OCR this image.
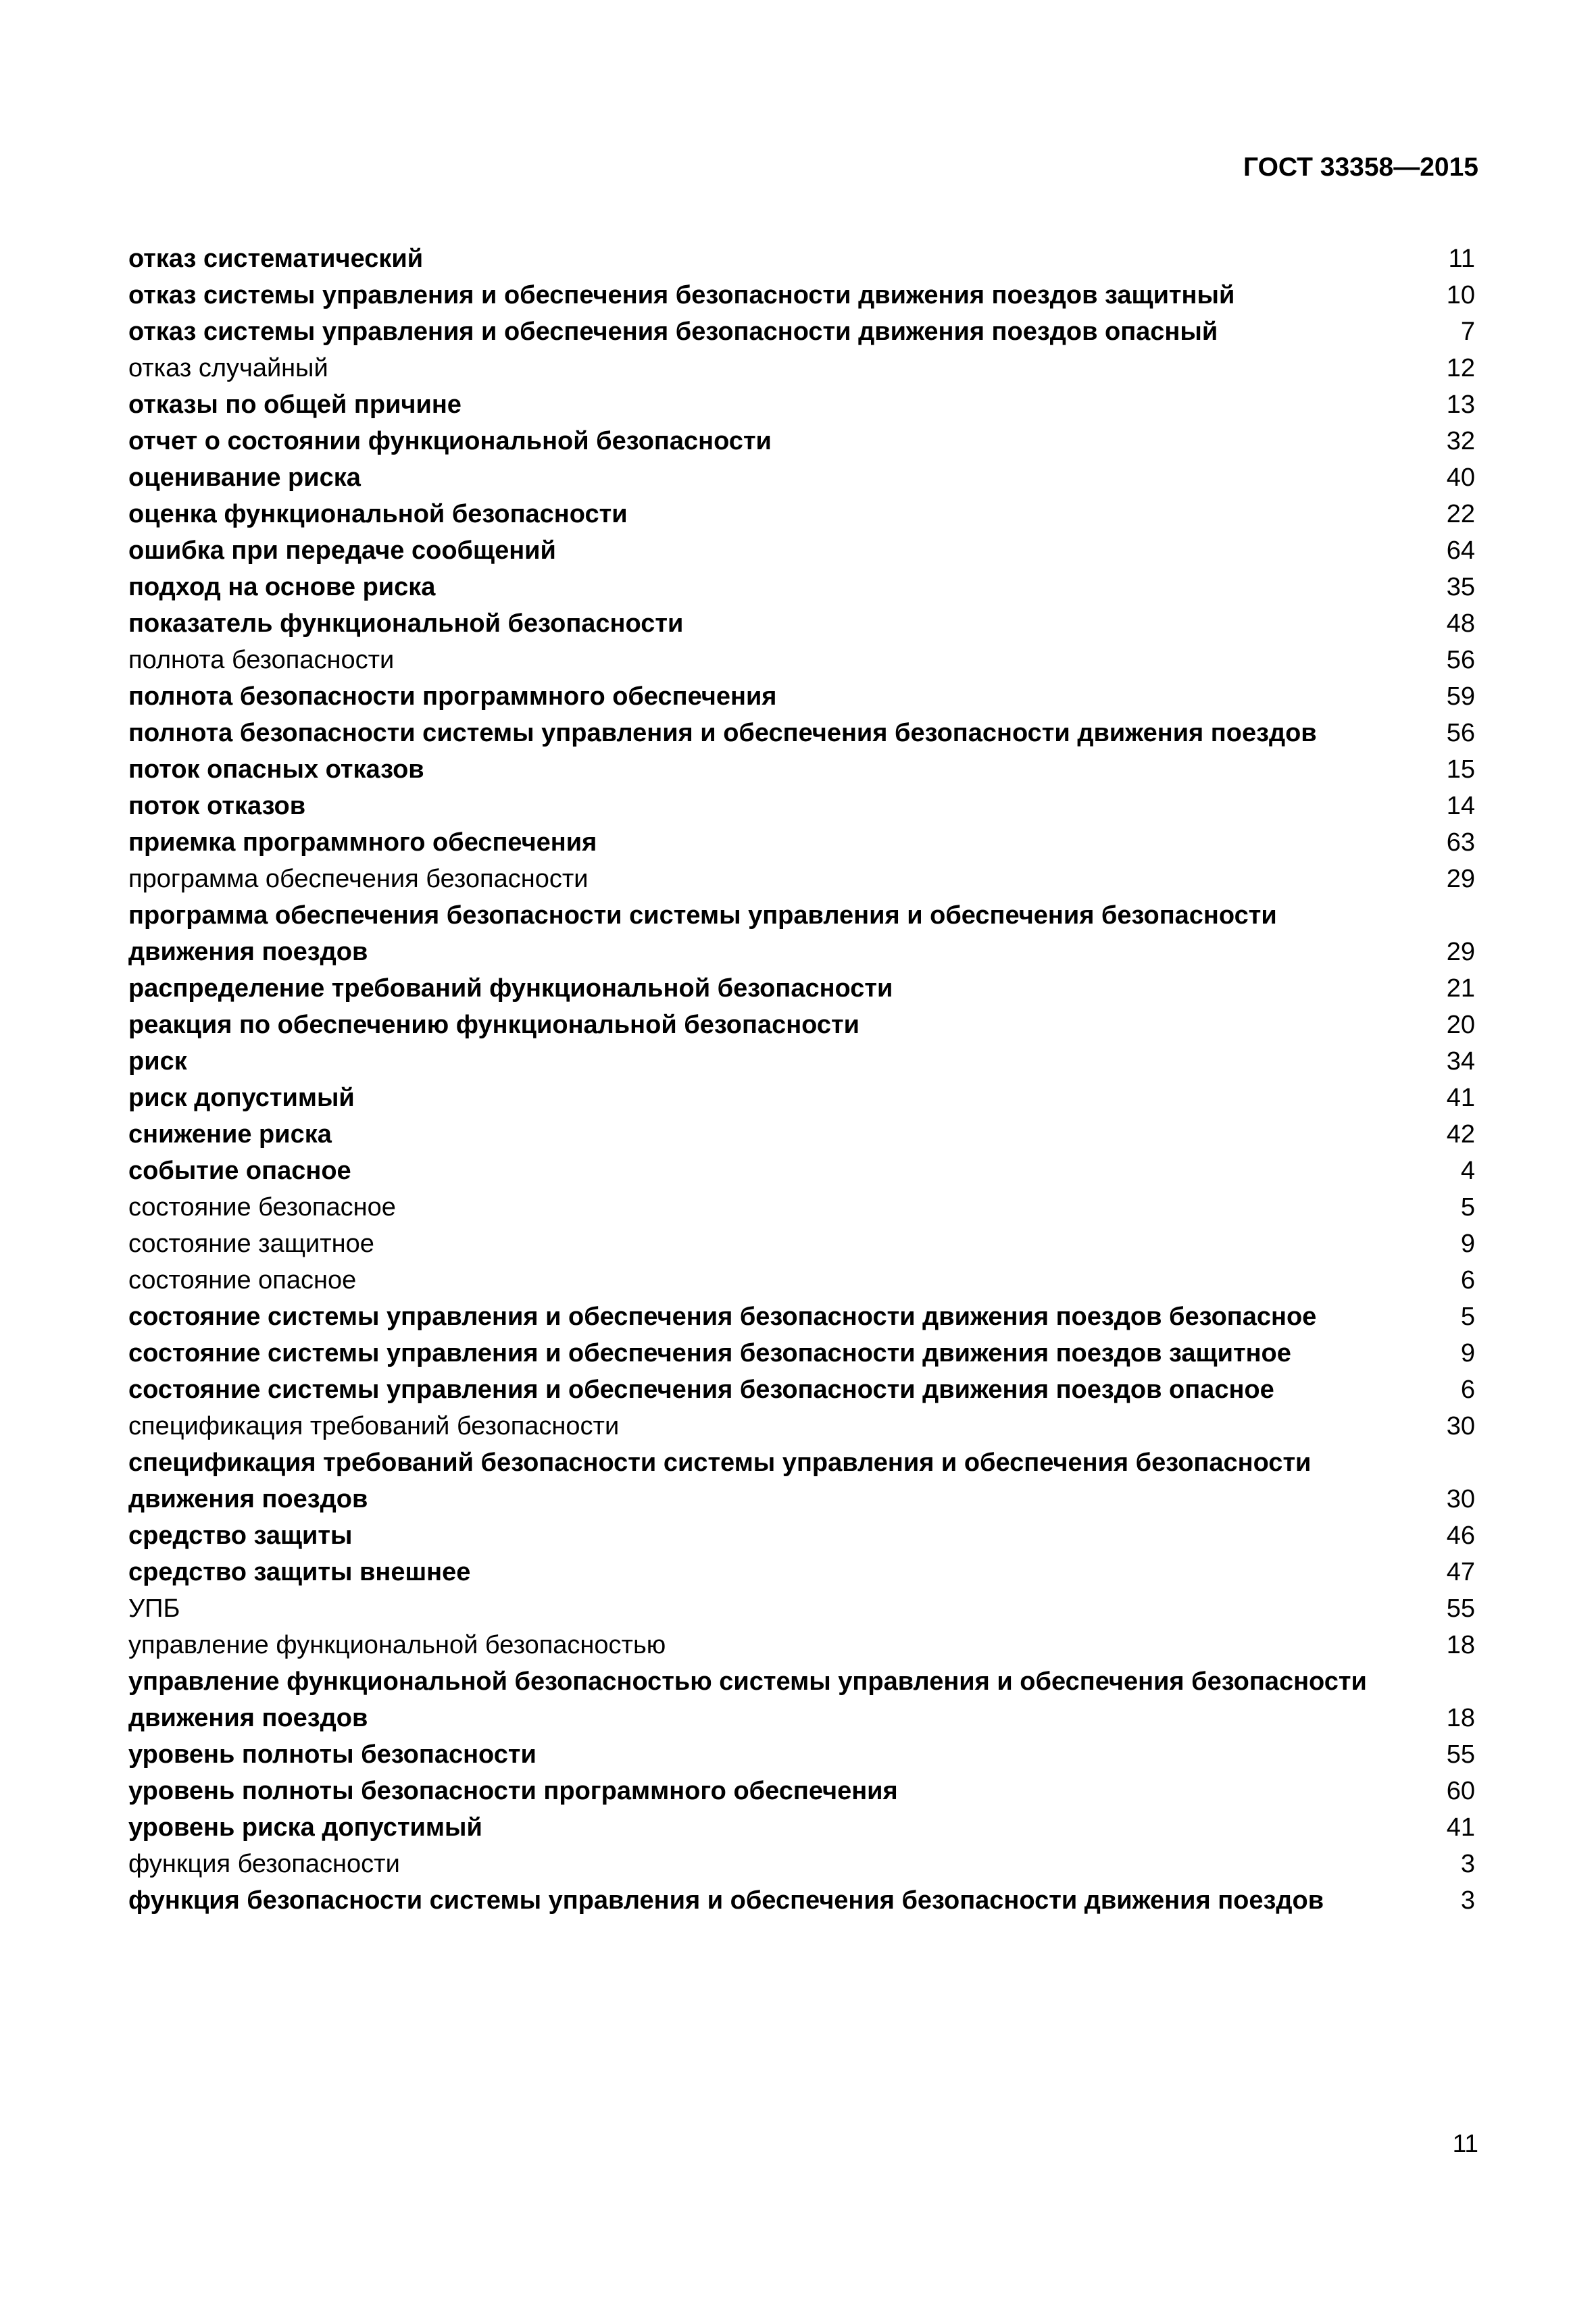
ГОСТ 33358—2015
отказ систематический	11
отказ системы управления и обеспечения безопасности движения поездов защитный	10
отказ системы управления и обеспечения безопасности движения поездов опасный	7
отказ случайный	12
отказы по общей причине	13
отчет о состоянии функциональной безопасности	32
оценивание риска	40
оценка функциональной безопасности	22
ошибка при передаче сообщений	64
подход на основе риска	35
показатель функциональной безопасности	48
полнота безопасности	56
полнота безопасности программного обеспечения	59
полнота безопасности системы управления и обеспечения безопасности движения поездов	56
поток опасных отказов	15
поток отказов	14
приемка программного обеспечения	63
программа обеспечения безопасности	29
программа обеспечения безопасности системы управления и обеспечения безопасности движения поездов	29
распределение требований функциональной безопасности	21
реакция по обеспечению функциональной безопасности	20
риск	34
риск допустимый	41
снижение риска	42
событие опасное	4
состояние безопасное	5
состояние защитное	9
состояние опасное	6
состояние системы управления и обеспечения безопасности движения поездов безопасное	5
состояние системы управления и обеспечения безопасности движения поездов защитное	9
состояние системы управления и обеспечения безопасности движения поездов опасное	6
спецификация требований безопасности	30
спецификация требований безопасности системы управления и обеспечения безопасности движения поездов	30
средство защиты	46
средство защиты внешнее	47
УПБ	55
управление функциональной безопасностью	18
управление функциональной безопасностью системы управления и обеспечения безопасности движения поездов	18
уровень полноты безопасности	55
уровень полноты безопасности программного обеспечения	60
уровень риска допустимый	41
функция безопасности	3
функция безопасности системы управления и обеспечения безопасности движения поездов	3
11
